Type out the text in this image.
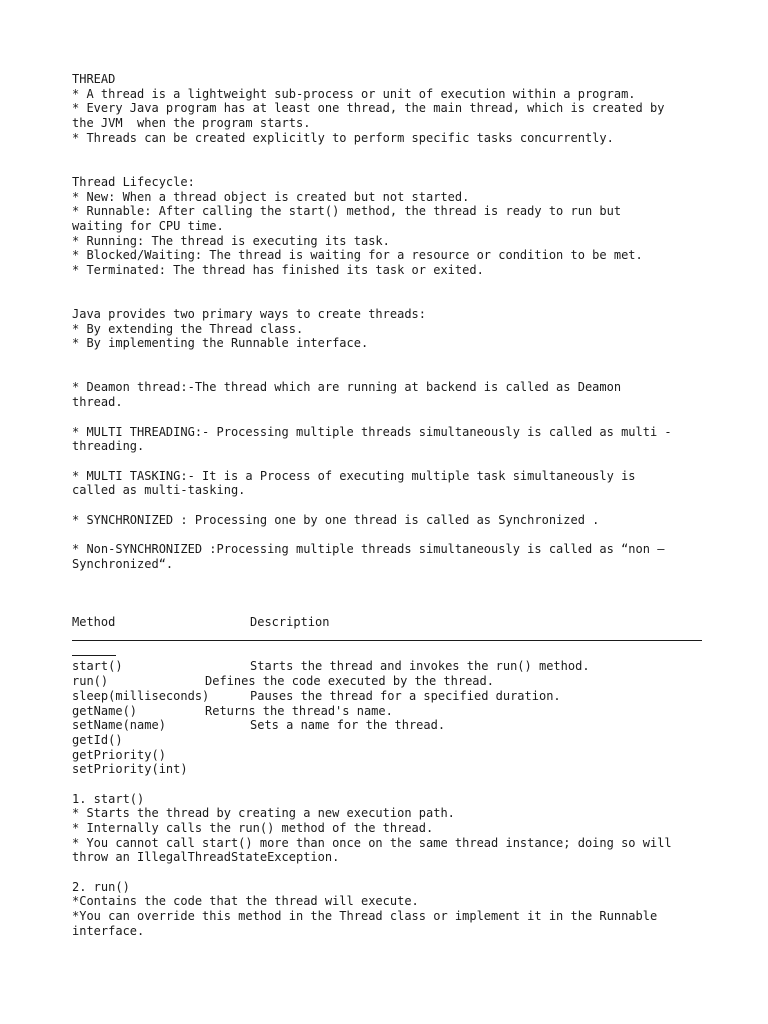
THREAD
* A thread is a lightweight sub-process or unit of execution within a program.
* Every Java program has at least one thread, the main thread, which is created by
the JVM  when the program starts.
* Threads can be created explicitly to perform specific tasks concurrently.
Thread Lifecycle:
* New: When a thread object is created but not started.
* Runnable: After calling the start() method, the thread is ready to run but
waiting for CPU time.
* Running: The thread is executing its task.
* Blocked/Waiting: The thread is waiting for a resource or condition to be met.
* Terminated: The thread has finished its task or exited.
Java provides two primary ways to create threads:
* By extending the Thread class.
* By implementing the Runnable interface.
* Deamon thread:-The thread which are running at backend is called as Deamon
thread.
* MULTI THREADING:- Processing multiple threads simultaneously is called as multi -
threading.
* MULTI TASKING:- It is a Process of executing multiple task simultaneously is
called as multi-tasking.
* SYNCHRONIZED : Processing one by one thread is called as Synchronized .
* Non-SYNCHRONIZED :Processing multiple threads simultaneously is called as “non –
Synchronized“.
Method	Description
start()	Starts the thread and invokes the run() method.
run()	Defines the code executed by the thread.
sleep(milliseconds)	Pauses the thread for a specified duration.
getName()	Returns the thread's name.
setName(name)	Sets a name for the thread.
getId()
getPriority()
setPriority(int)
1. start()
* Starts the thread by creating a new execution path.
* Internally calls the run() method of the thread.
* You cannot call start() more than once on the same thread instance; doing so will
throw an IllegalThreadStateException.
2. run()
*Contains the code that the thread will execute.
*You can override this method in the Thread class or implement it in the Runnable
interface.
